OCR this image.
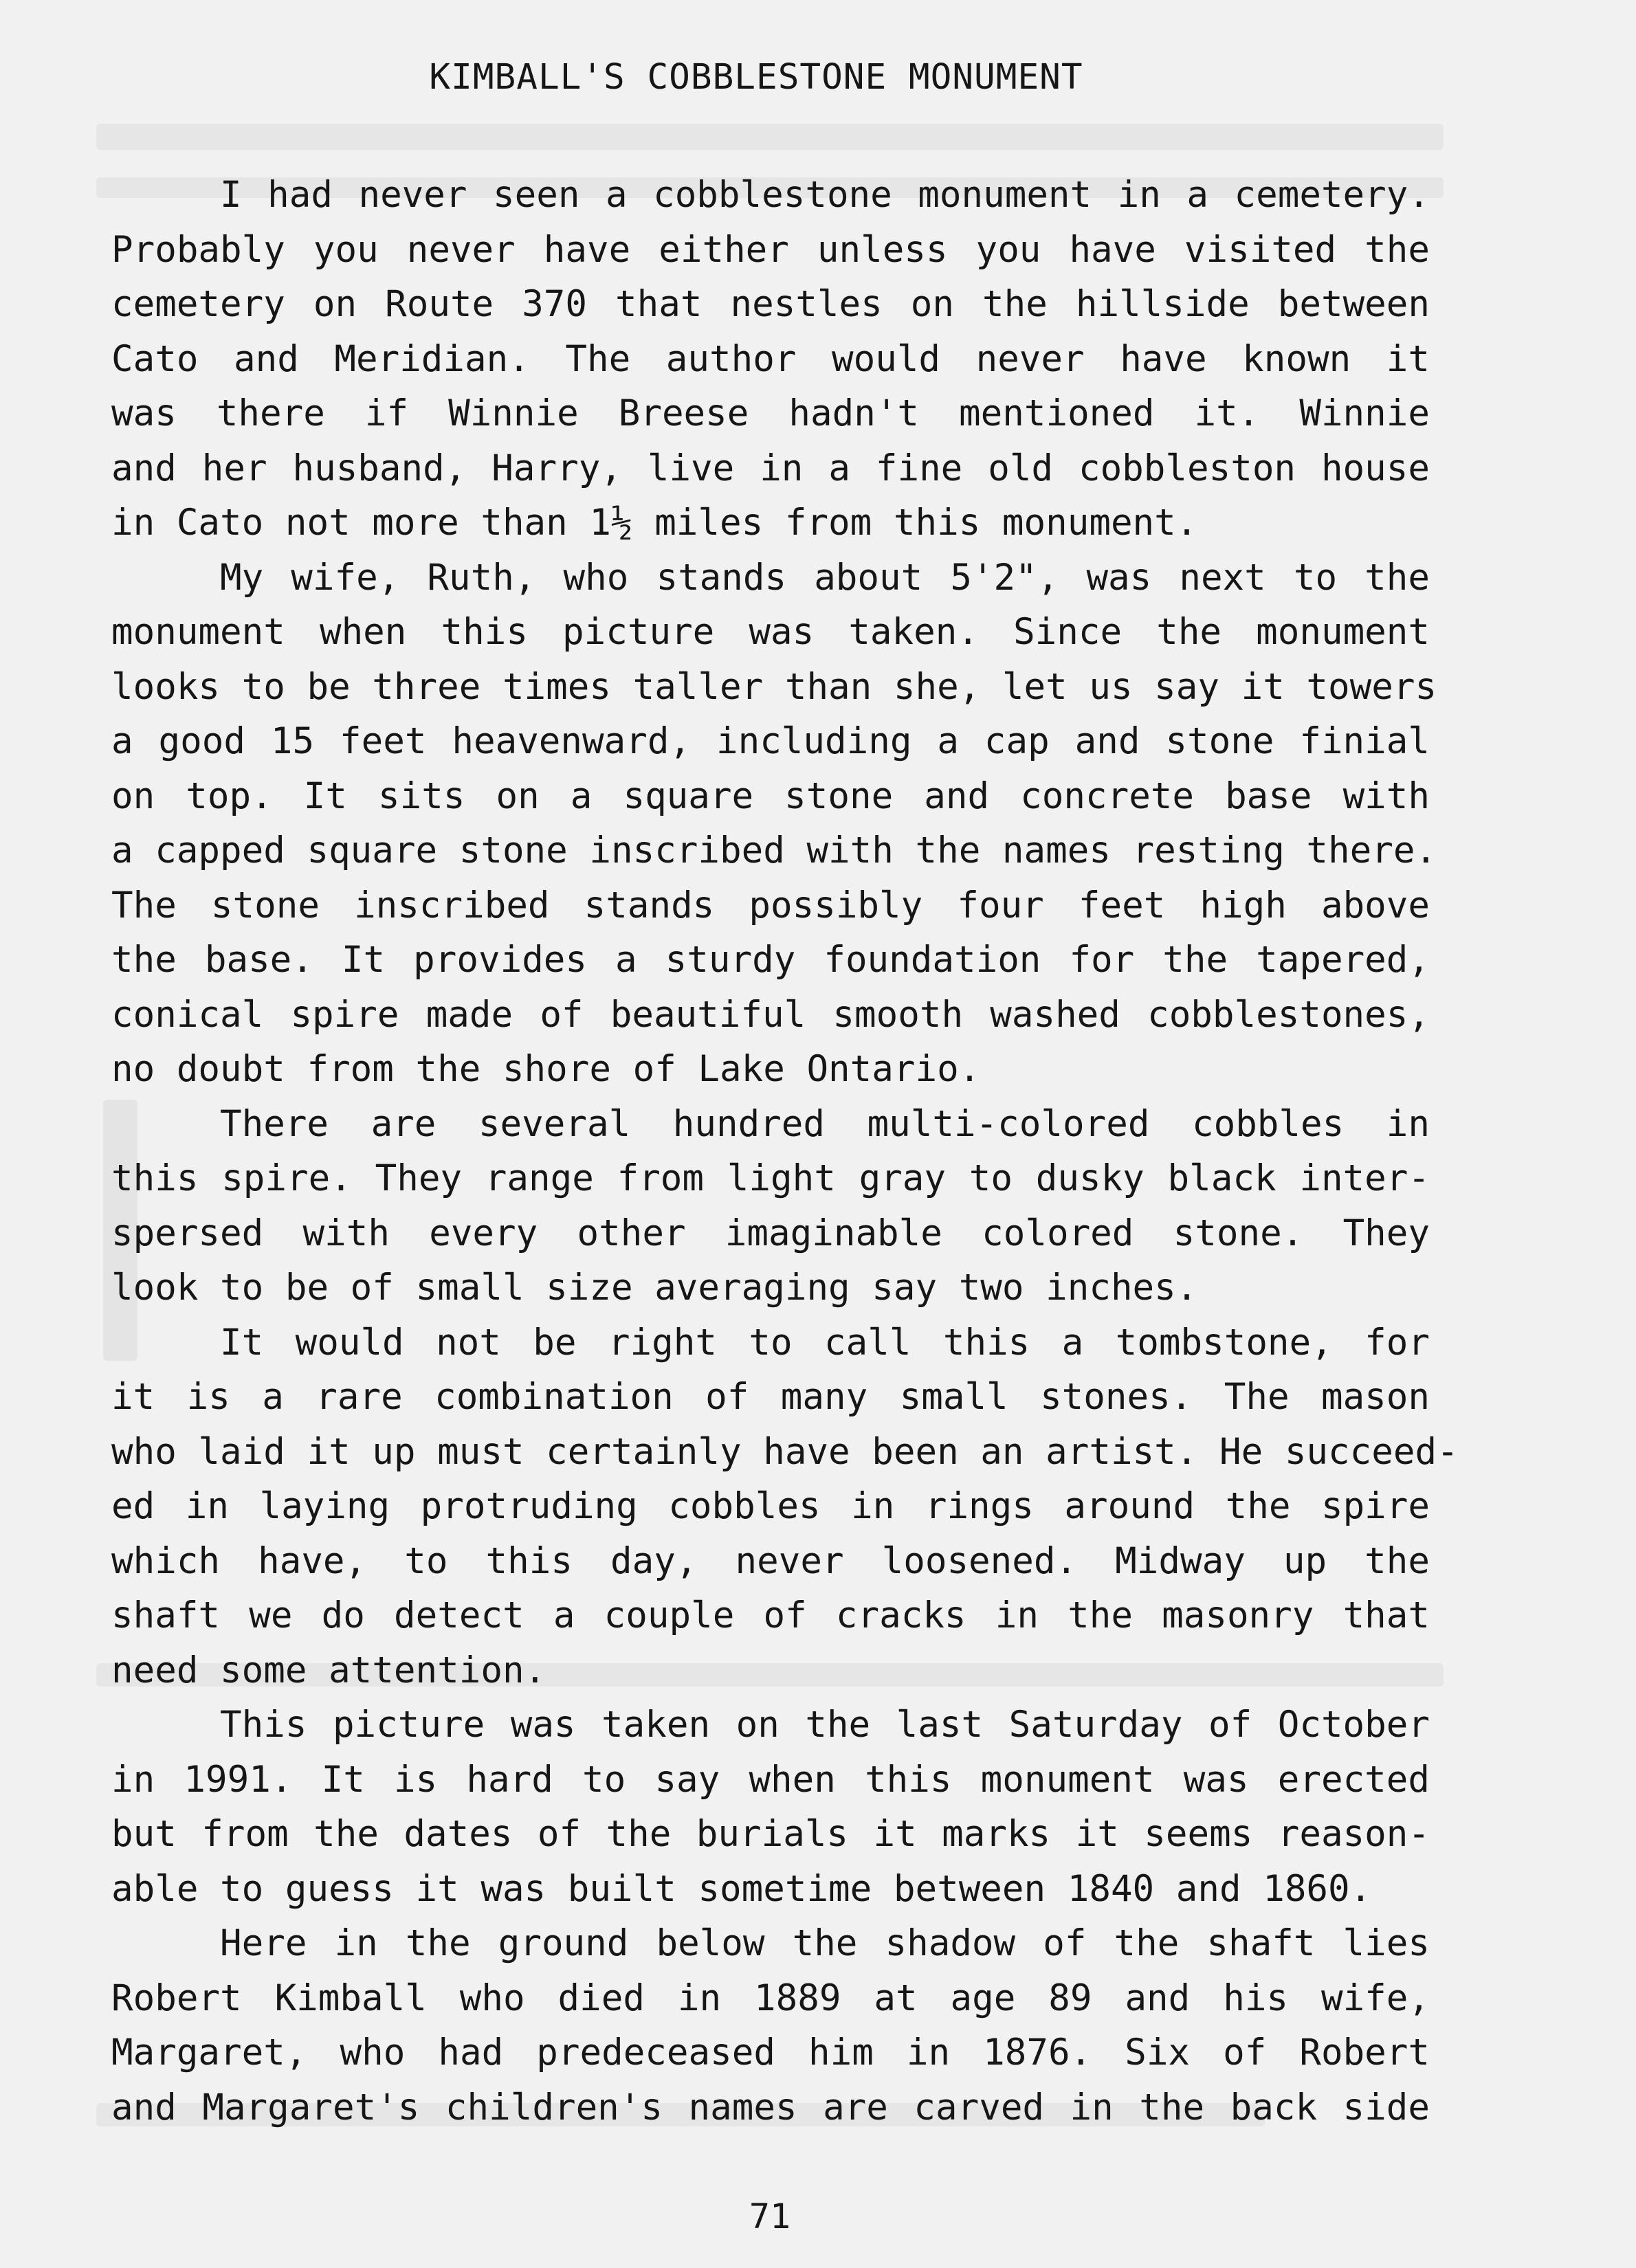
KIMBALL'S COBBLESTONE MONUMENT
I had never seen a cobblestone monument in a cemetery.
Probably you never have either unless you have visited the
cemetery on Route 370 that nestles on the hillside between
Cato and Meridian. The author would never have known it
was there if Winnie Breese hadn't mentioned it. Winnie
and her husband, Harry, live in a fine old cobbleston house
in Cato not more than 1½ miles from this monument.
My wife, Ruth, who stands about 5'2", was next to the
monument when this picture was taken. Since the monument
looks to be three times taller than she, let us say it towers
a good 15 feet heavenward, including a cap and stone finial
on top. It sits on a square stone and concrete base with
a capped square stone inscribed with the names resting there.
The stone inscribed stands possibly four feet high above
the base. It provides a sturdy foundation for the tapered,
conical spire made of beautiful smooth washed cobblestones,
no doubt from the shore of Lake Ontario.
There are several hundred multi-colored cobbles in
this spire. They range from light gray to dusky black inter-
spersed with every other imaginable colored stone. They
look to be of small size averaging say two inches.
It would not be right to call this a tombstone, for
it is a rare combination of many small stones. The mason
who laid it up must certainly have been an artist. He succeed-
ed in laying protruding cobbles in rings around the spire
which have, to this day, never loosened. Midway up the
shaft we do detect a couple of cracks in the masonry that
need some attention.
This picture was taken on the last Saturday of October
in 1991. It is hard to say when this monument was erected
but from the dates of the burials it marks it seems reason-
able to guess it was built sometime between 1840 and 1860.
Here in the ground below the shadow of the shaft lies
Robert Kimball who died in 1889 at age 89 and his wife,
Margaret, who had predeceased him in 1876. Six of Robert
and Margaret's children's names are carved in the back side
71
